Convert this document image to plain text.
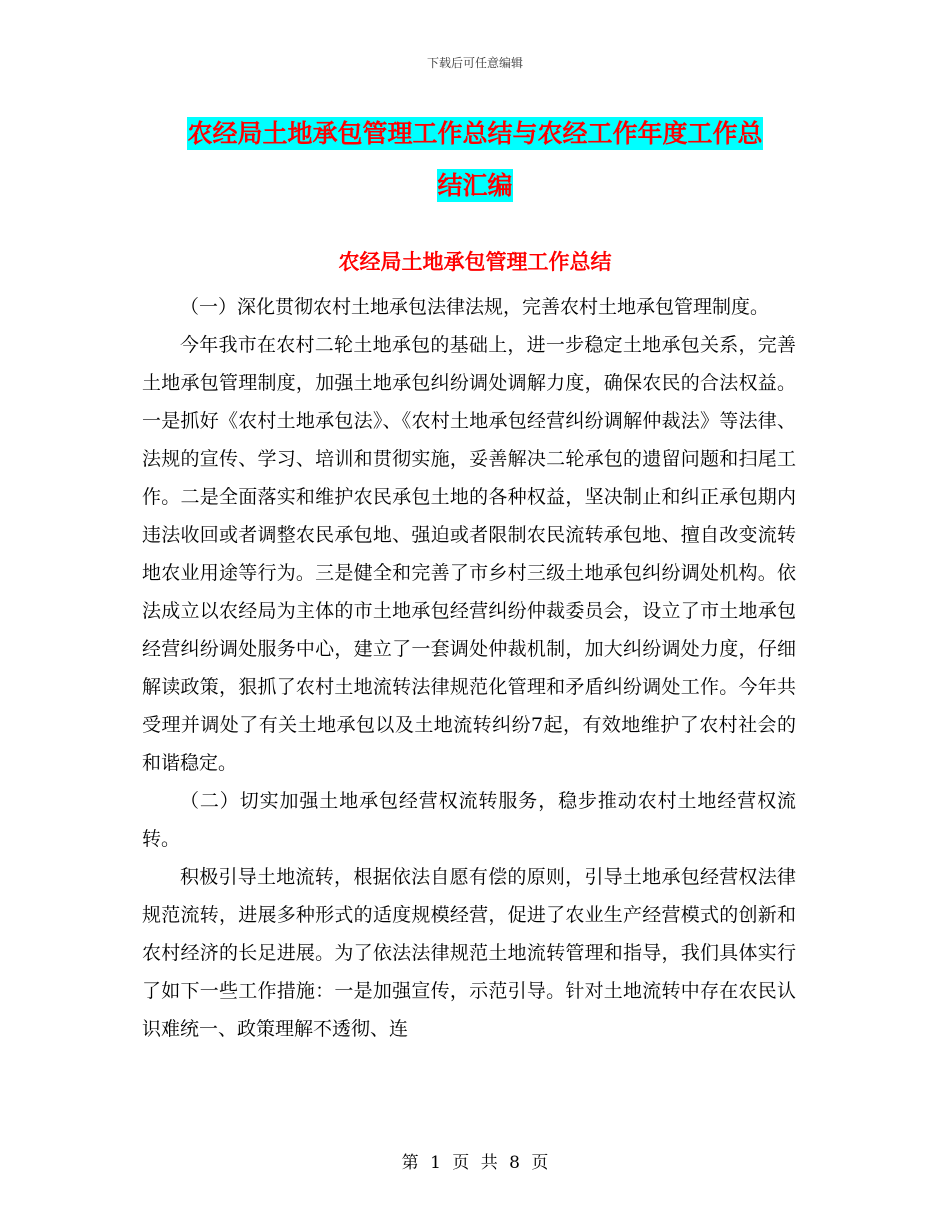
下载后可任意编辑
农经局土地承包管理工作总结与农经工作年度工作总
结汇编
农经局土地承包管理工作总结

（一）深化贯彻农村土地承包法律法规，完善农村土地承包管理制度。

今年我市在农村二轮土地承包的基础上，进一步稳定土地承包关系，完善土地承包管理制度，加强土地承包纠纷调处调解力度，确保农民的合法权益。一是抓好《农村土地承包法》、《农村土地承包经营纠纷调解仲裁法》等法律、法规的宣传、学习、培训和贯彻实施，妥善解决二轮承包的遗留问题和扫尾工作。二是全面落实和维护农民承包土地的各种权益，坚决制止和纠正承包期内违法收回或者调整农民承包地、强迫或者限制农民流转承包地、擅自改变流转地农业用途等行为。三是健全和完善了市乡村三级土地承包纠纷调处机构。依法成立以农经局为主体的市土地承包经营纠纷仲裁委员会，设立了市土地承包经营纠纷调处服务中心，建立了一套调处仲裁机制，加大纠纷调处力度，仔细解读政策，狠抓了农村土地流转法律规范化管理和矛盾纠纷调处工作。今年共受理并调处了有关土地承包以及土地流转纠纷7起，有效地维护了农村社会的和谐稳定。

（二）切实加强土地承包经营权流转服务，稳步推动农村土地经营权流转。

积极引导土地流转，根据依法自愿有偿的原则，引导土地承包经营权法律规范流转，进展多种形式的适度规模经营，促进了农业生产经营模式的创新和农村经济的长足进展。为了依法法律规范土地流转管理和指导，我们具体实行了如下一些工作措施：一是加强宣传，示范引导。针对土地流转中存在农民认识难统一、政策理解不透彻、连

第 1 页 共 8 页
